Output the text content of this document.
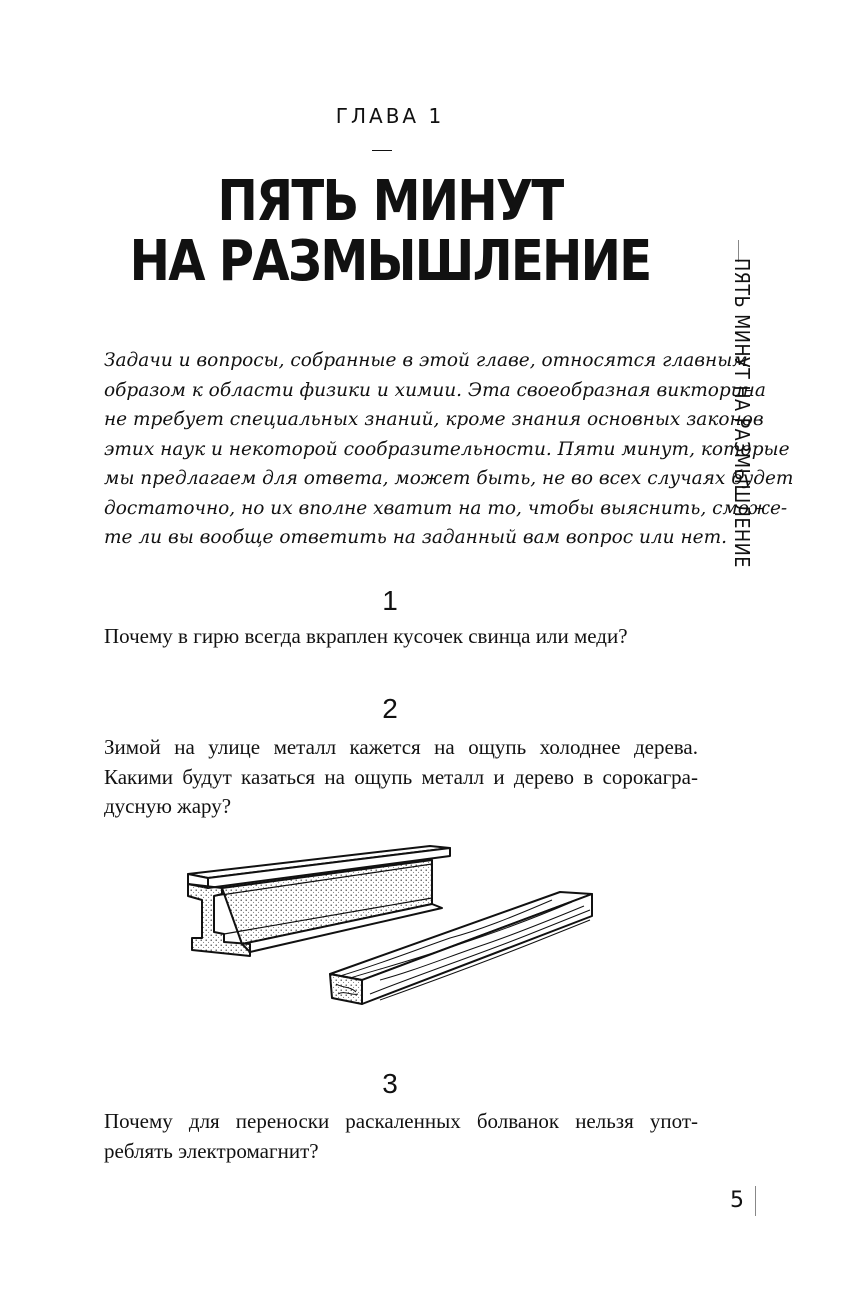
ГЛАВА 1
ПЯТЬ МИНУТ
НА РАЗМЫШЛЕНИЕ
Задачи и вопросы, собранные в этой главе, относятся главным
образом к области физики и химии. Эта своеобразная викторина
не требует специальных знаний, кроме знания основных законов
этих наук и некоторой сообразительности. Пяти минут, которые
мы предлагаем для ответа, может быть, не во всех случаях будет
достаточно, но их вполне хватит на то, чтобы выяснить, сможе-
те ли вы вообще ответить на заданный вам вопрос или нет.
1
Почему в гирю всегда вкраплен кусочек свинца или меди?
2
Зимой на улице металл кажется на ощупь холоднее дерева.
Какими будут казаться на ощупь металл и дерево в сорокагра-
дусную жару?
3
Почему для переноски раскаленных болванок нельзя упот-
реблять электромагнит?
ПЯТЬ МИНУТ НА РАЗМЫШЛЕНИЕ
5
